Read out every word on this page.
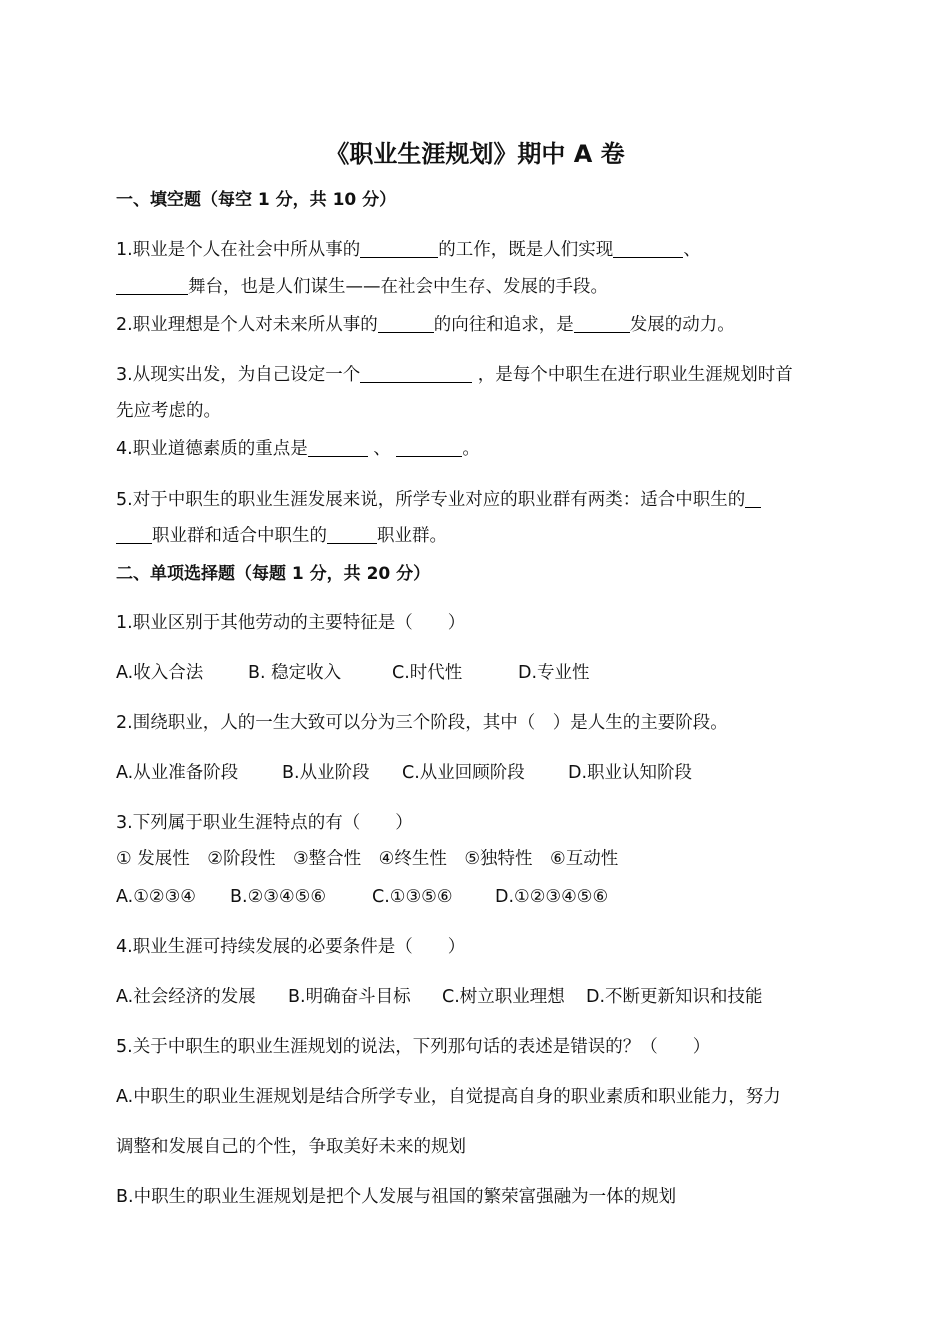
《职业生涯规划》期中 A 卷
一、填空题（每空 1 分，共 10 分）
1.职业是个人在社会中所从事的	的工作，既是人们实现	、
舞台，也是人们谋生——在社会中生存、发展的手段。
2.职业理想是个人对未来所从事的	的向往和追求，是	发展的动力。
3.从现实出发，为自己设定一个	，是每个中职生在进行职业生涯规划时首
先应考虑的。
4.职业道德素质的重点是	、	。
5.对于中职生的职业生涯发展来说，所学专业对应的职业群有两类：适合中职生的
职业群和适合中职生的	职业群。
二、单项选择题（每题 1 分，共 20 分）
1.职业区别于其他劳动的主要特征是（　　）
A.收入合法	B. 稳定收入	C.时代性	D.专业性
2.围绕职业，人的一生大致可以分为三个阶段，其中（　）是人生的主要阶段。
A.从业准备阶段	B.从业阶段 C.从业回顾阶段 D.职业认知阶段
3.下列属于职业生涯特点的有（　　）
① 发展性　②阶段性　③整合性　④终生性　⑤独特性　⑥互动性
A.①②③④ B.②③④⑤⑥	C.①③⑤⑥ D.①②③④⑤⑥
4.职业生涯可持续发展的必要条件是（　　）
A.社会经济的发展 B.明确奋斗目标 C.树立职业理想 D.不断更新知识和技能
5.关于中职生的职业生涯规划的说法，下列那句话的表述是错误的？（　　）
A.中职生的职业生涯规划是结合所学专业，自觉提高自身的职业素质和职业能力，努力
调整和发展自己的个性，争取美好未来的规划
B.中职生的职业生涯规划是把个人发展与祖国的繁荣富强融为一体的规划
